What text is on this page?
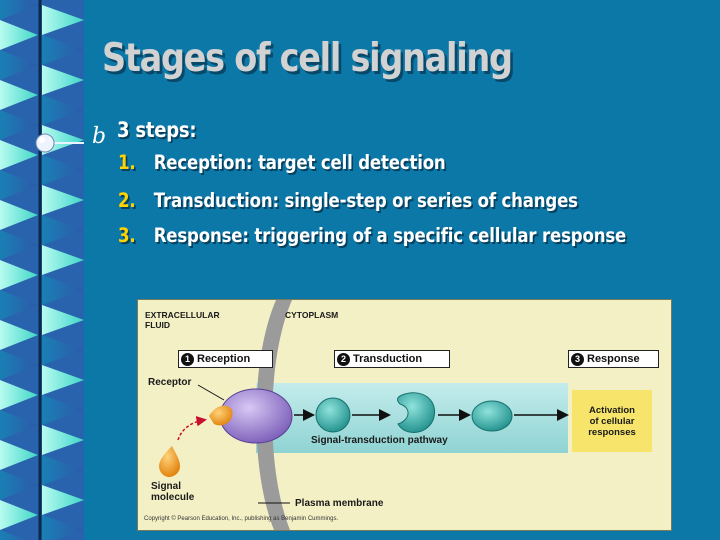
Stages of cell signaling
b 3 steps:
1. Reception: target cell detection
2. Transduction: single-step or series of changes
3. Response: triggering of a specific cellular response
EXTRACELLULAR
FLUID
CYTOPLASM
1 Reception	2 Transduction	3 Response
Receptor
Signal-transduction pathway
Activation
of cellular
responses
Signal
molecule
Plasma membrane
Copyright © Pearson Education, Inc., publishing as Benjamin Cummings.
